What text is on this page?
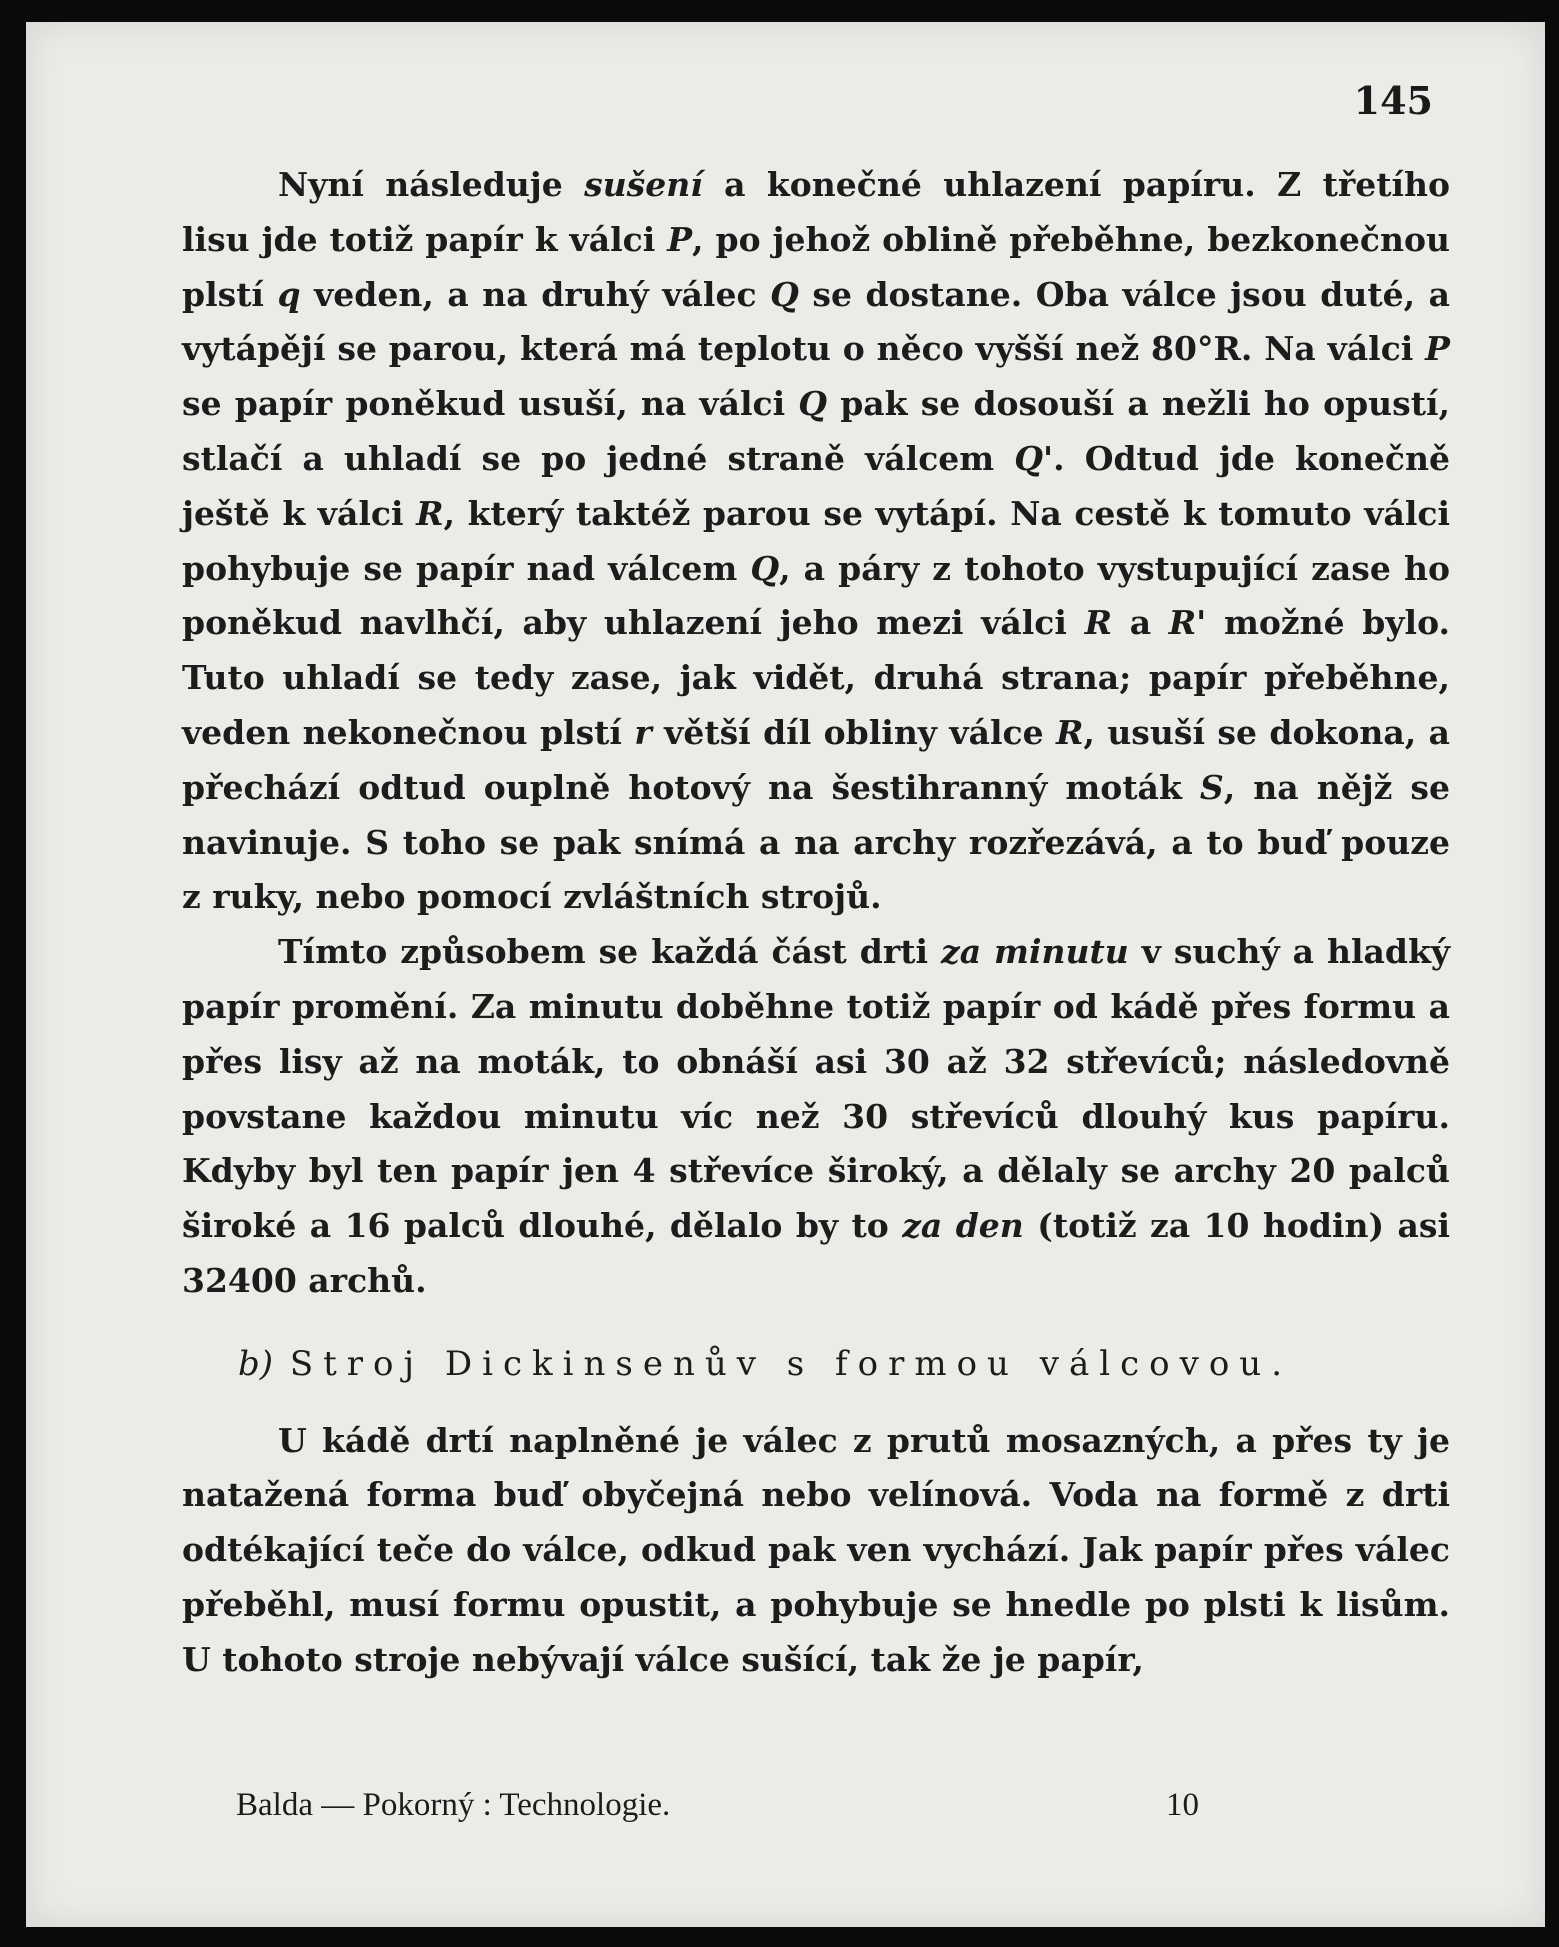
145

Nyní následuje sušení a konečné uhlazení papíru. Z třetího lisu jde totiž papír k válci P, po jehož oblině přeběhne, bezkonečnou plstí q veden, a na druhý válec Q se dostane. Oba válce jsou duté, a vytápějí se parou, která má teplotu o něco vyšší než 80°R. Na válci P se papír poněkud usuší, na válci Q pak se dosouší a nežli ho opustí, stlačí a uhladí se po jedné straně válcem Q'. Odtud jde konečně ještě k válci R, který taktéž parou se vytápí. Na cestě k tomuto válci pohybuje se papír nad válcem Q, a páry z tohoto vystupující zase ho poněkud navlhčí, aby uhlazení jeho mezi válci R a R' možné bylo. Tuto uhladí se tedy zase, jak vidět, druhá strana; papír přeběhne, veden nekonečnou plstí r větší díl obliny válce R, usuší se dokona, a přechází odtud ouplně hotový na šestihranný moták S, na nějž se navinuje. S toho se pak snímá a na archy rozřezává, a to buď pouze z ruky, nebo pomocí zvláštních strojů.

Tímto způsobem se každá část drti za minutu v suchý a hladký papír promění. Za minutu doběhne totiž papír od kádě přes formu a přes lisy až na moták, to obnáší asi 30 až 32 střevíců; následovně povstane každou minutu víc než 30 střevíců dlouhý kus papíru. Kdyby byl ten papír jen 4 střevíce široký, a dělaly se archy 20 palců široké a 16 palců dlouhé, dělalo by to za den (totiž za 10 hodin) asi 32400 archů.

b)  Stroj Dickinsenův s formou válcovou.

U kádě drtí naplněné je válec z prutů mosazných, a přes ty je natažená forma buď obyčejná nebo velínová. Voda na formě z drti odtékající teče do válce, odkud pak ven vychází. Jak papír přes válec přeběhl, musí formu opustit, a pohybuje se hnedle po plsti k lisům. U tohoto stroje nebývají válce sušící, tak že je papír,

Balda — Pokorný : Technologie.	10
